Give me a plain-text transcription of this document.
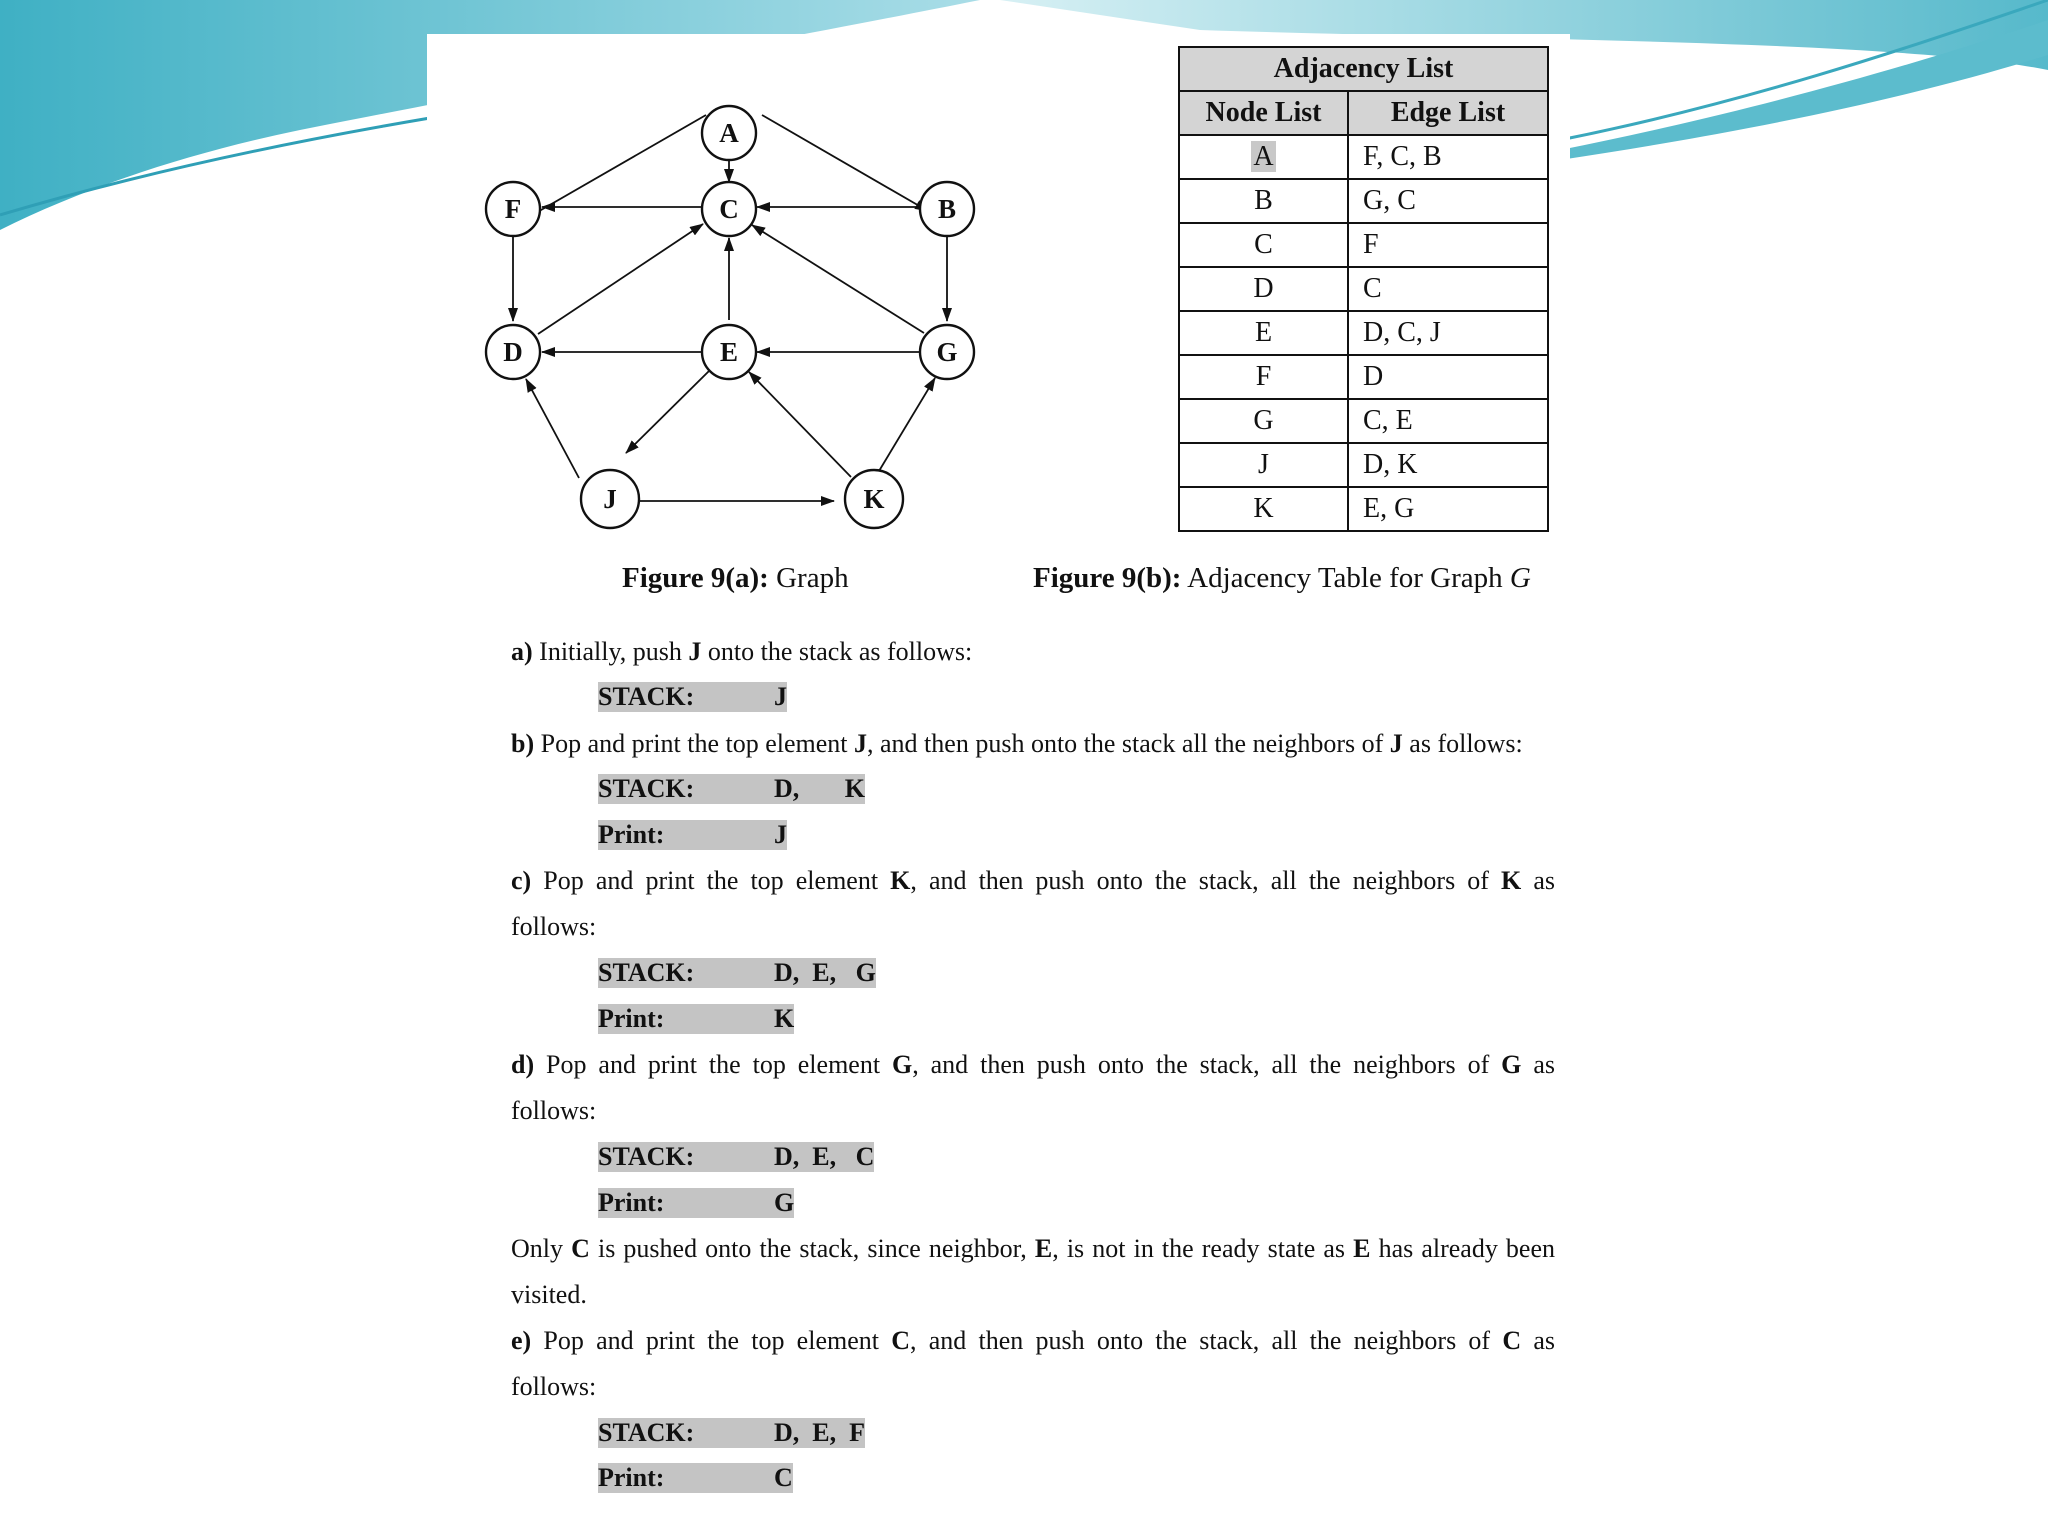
A
F	C	B
D	E	G
J	K
Adjacency List	
Node List	Edge List
A	F, C, B
B	G, C
C	F
D	C
E	D, C, J
F	D
G	C, E
J	D, K
K	E, G
Figure 9(a): Graph	Figure 9(b): Adjacency Table for Graph G
a) Initially, push J onto the stack as follows:
STACK:	J
b) Pop and print the top element J, and then push onto the stack all the neighbors of J as follows:
STACK:	D,       K
Print:	J
c) Pop and print the top element K, and then push onto the stack, all the neighbors of K as
follows:
STACK:	D,  E,   G
Print:	K
d) Pop and print the top element G, and then push onto the stack, all the neighbors of G as
follows:
STACK:	D,  E,   C
Print:	G
Only C is pushed onto the stack, since neighbor, E, is not in the ready state as E has already been
visited.
e) Pop and print the top element C, and then push onto the stack, all the neighbors of C as
follows:
STACK:	D,  E,  F
Print:	C
